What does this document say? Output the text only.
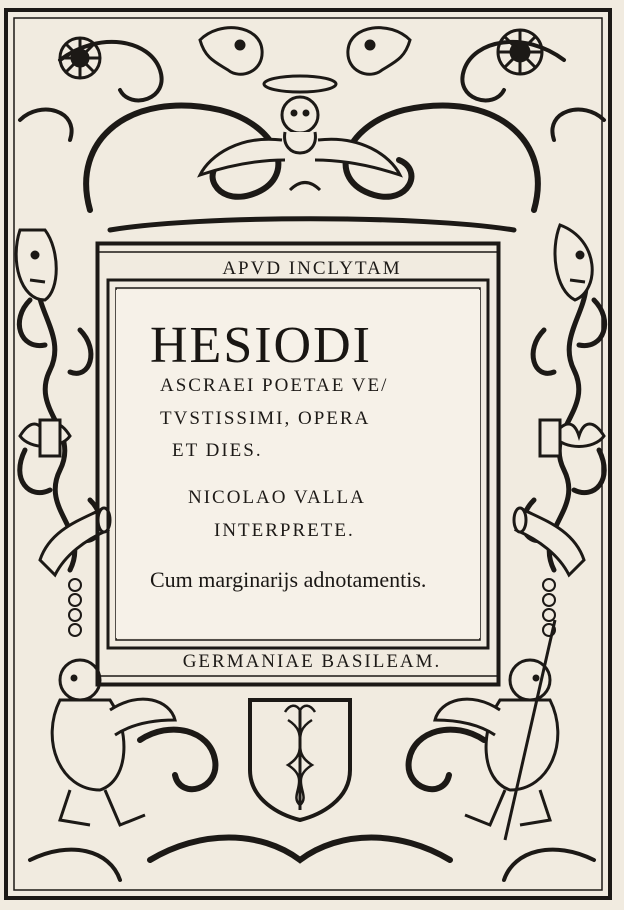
APVD INCLYTAM
HESIODI
ASCRAEI POETAE VE/
TVSTISSIMI, OPERA
ET DIES.
NICOLAO VALLA
INTERPRETE.
Cum marginarijs adnotamentis.
GERMANIAE BASILEAM.
